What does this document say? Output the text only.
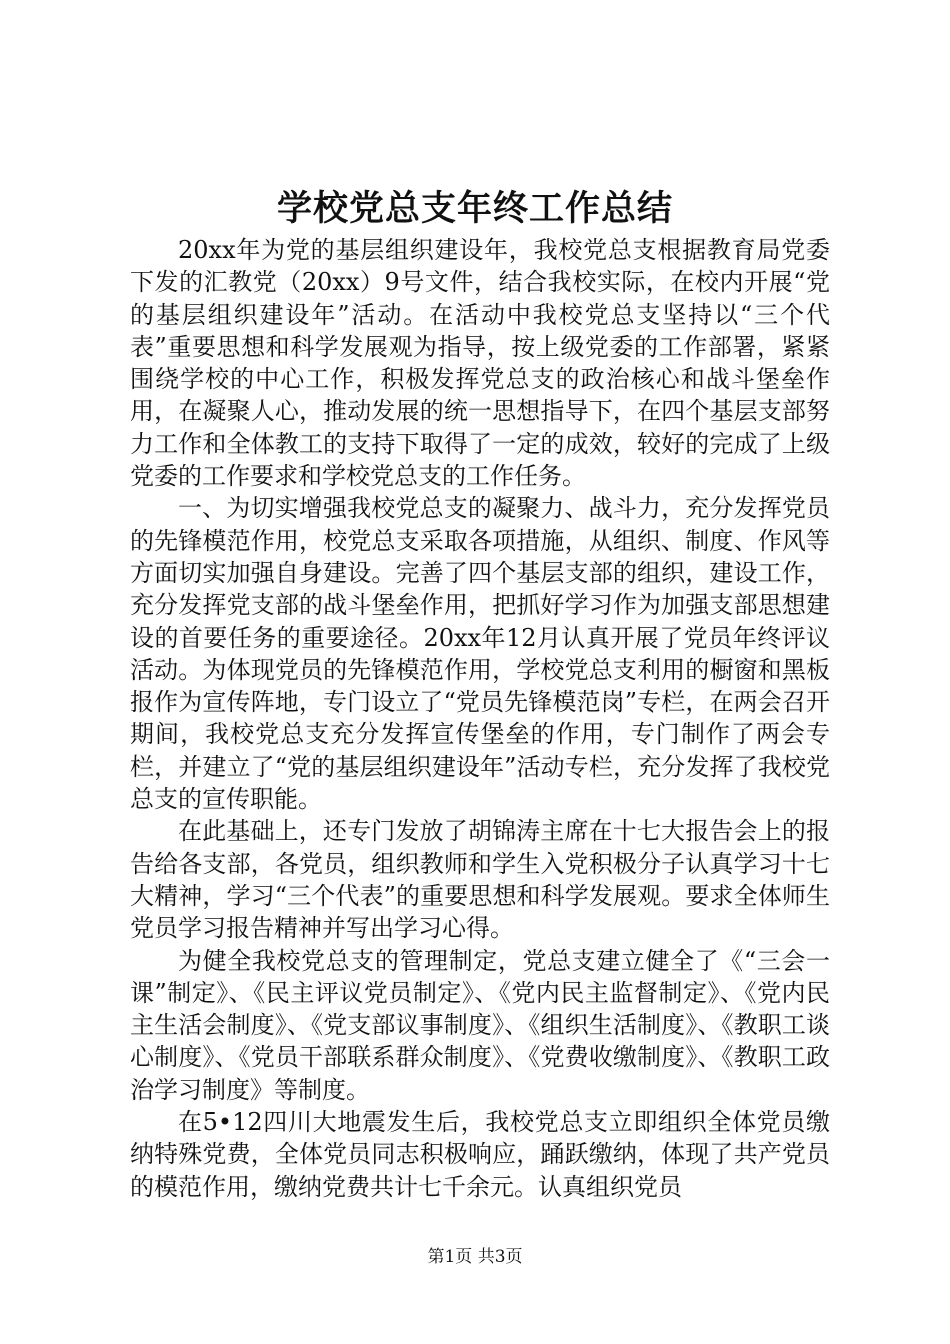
学校党总支年终工作总结

20xx年为党的基层组织建设年，我校党总支根据教育局党委下发的汇教党（20xx）9号文件，结合我校实际，在校内开展“党的基层组织建设年”活动。在活动中我校党总支坚持以“三个代表”重要思想和科学发展观为指导，按上级党委的工作部署，紧紧围绕学校的中心工作，积极发挥党总支的政治核心和战斗堡垒作用，在凝聚人心，推动发展的统一思想指导下，在四个基层支部努力工作和全体教工的支持下取得了一定的成效，较好的完成了上级党委的工作要求和学校党总支的工作任务。

一、为切实增强我校党总支的凝聚力、战斗力，充分发挥党员的先锋模范作用，校党总支采取各项措施，从组织、制度、作风等方面切实加强自身建设。完善了四个基层支部的组织，建设工作，充分发挥党支部的战斗堡垒作用，把抓好学习作为加强支部思想建设的首要任务的重要途径。20xx年12月认真开展了党员年终评议活动。为体现党员的先锋模范作用，学校党总支利用的橱窗和黑板报作为宣传阵地，专门设立了“党员先锋模范岗”专栏，在两会召开期间，我校党总支充分发挥宣传堡垒的作用，专门制作了两会专栏，并建立了“党的基层组织建设年”活动专栏，充分发挥了我校党总支的宣传职能。

在此基础上，还专门发放了胡锦涛主席在十七大报告会上的报告给各支部，各党员，组织教师和学生入党积极分子认真学习十七大精神，学习“三个代表”的重要思想和科学发展观。要求全体师生党员学习报告精神并写出学习心得。

为健全我校党总支的管理制定，党总支建立健全了《“三会一课”制定》、《民主评议党员制定》、《党内民主监督制定》、《党内民主生活会制度》、《党支部议事制度》、《组织生活制度》、《教职工谈心制度》、《党员干部联系群众制度》、《党费收缴制度》、《教职工政治学习制度》等制度。

在5•12四川大地震发生后，我校党总支立即组织全体党员缴纳特殊党费，全体党员同志积极响应，踊跃缴纳，体现了共产党员的模范作用，缴纳党费共计七千余元。认真组织党员

第1页 共3页
